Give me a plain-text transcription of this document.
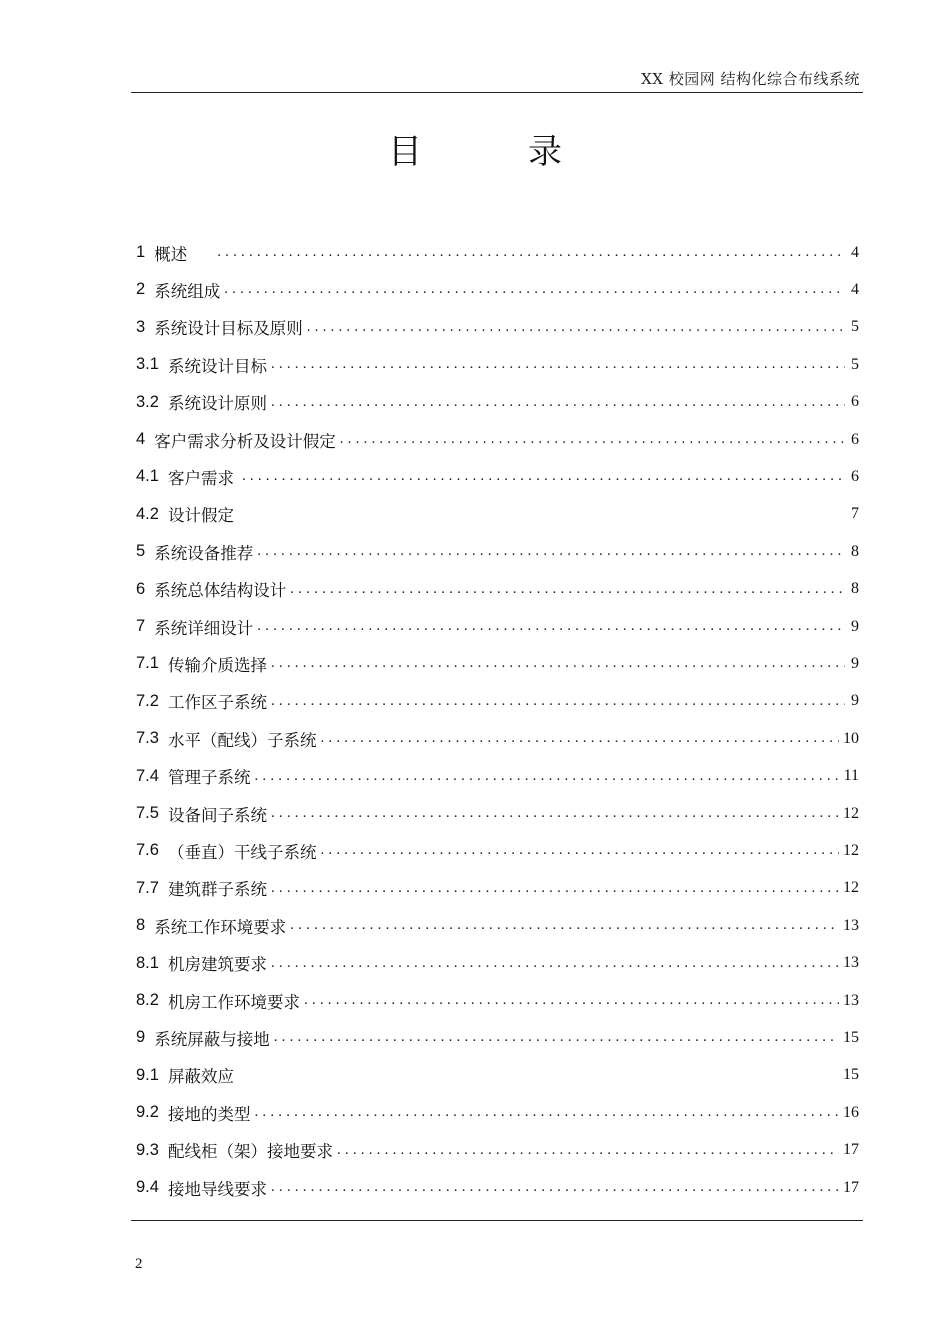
XX 校园网 结构化综合布线系统
目　录
1 概述 .....	4
2 系统组成 .....	4
3 系统设计目标及原则 .....	5
3.1 系统设计目标 .....	5
3.2 系统设计原则 .....	6
4 客户需求分析及设计假定 .....	6
4.1 客户需求 .....	6
4.2 设计假定	7
5 系统设备推荐 .....	8
6 系统总体结构设计 .....	8
7 系统详细设计 .....	9
7.1 传输介质选择 .....	9
7.2 工作区子系统 .....	9
7.3 水平（配线）子系统 .....	10
7.4 管理子系统 .....	11
7.5 设备间子系统 .....	12
7.6 （垂直）干线子系统 .....	12
7.7 建筑群子系统 .....	12
8 系统工作环境要求 .....	13
8.1 机房建筑要求 .....	13
8.2 机房工作环境要求 .....	13
9 系统屏蔽与接地 .....	15
9.1 屏蔽效应	15
9.2 接地的类型 .....	16
9.3 配线柜（架）接地要求 .....	17
9.4 接地导线要求 .....	17
2
